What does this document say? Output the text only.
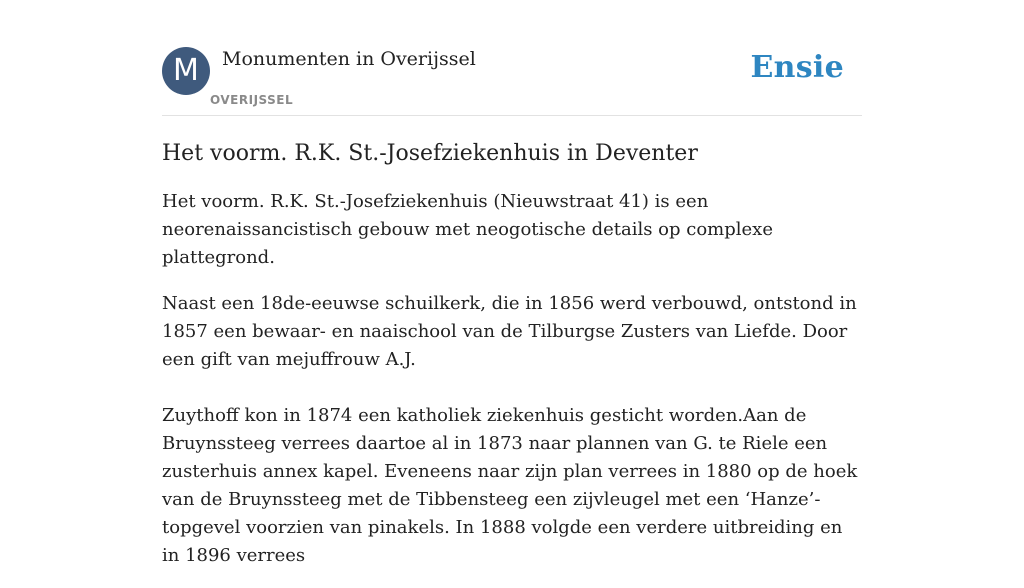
M	Monumenten in Overijssel
OVERIJSSEL
Ensie
Het voorm. R.K. St.-Josefziekenhuis in Deventer

Het voorm. R.K. St.-Josefziekenhuis (Nieuwstraat 41) is een neorenaissancistisch gebouw met neogotische details op complexe plattegrond.

Naast een 18de-eeuwse schuilkerk, die in 1856 werd verbouwd, ontstond in 1857 een bewaar- en naaischool van de Tilburgse Zusters van Liefde. Door een gift van mejuffrouw A.J.

Zuythoff kon in 1874 een katholiek ziekenhuis gesticht worden.Aan de Bruynssteeg verrees daartoe al in 1873 naar plannen van G. te Riele een zusterhuis annex kapel. Eveneens naar zijn plan verrees in 1880 op de hoek van de Bruynssteeg met de Tibbensteeg een zijvleugel met een ‘Hanze’-topgevel voorzien van pinakels. In 1888 volgde een verdere uitbreiding en in 1896 verrees
